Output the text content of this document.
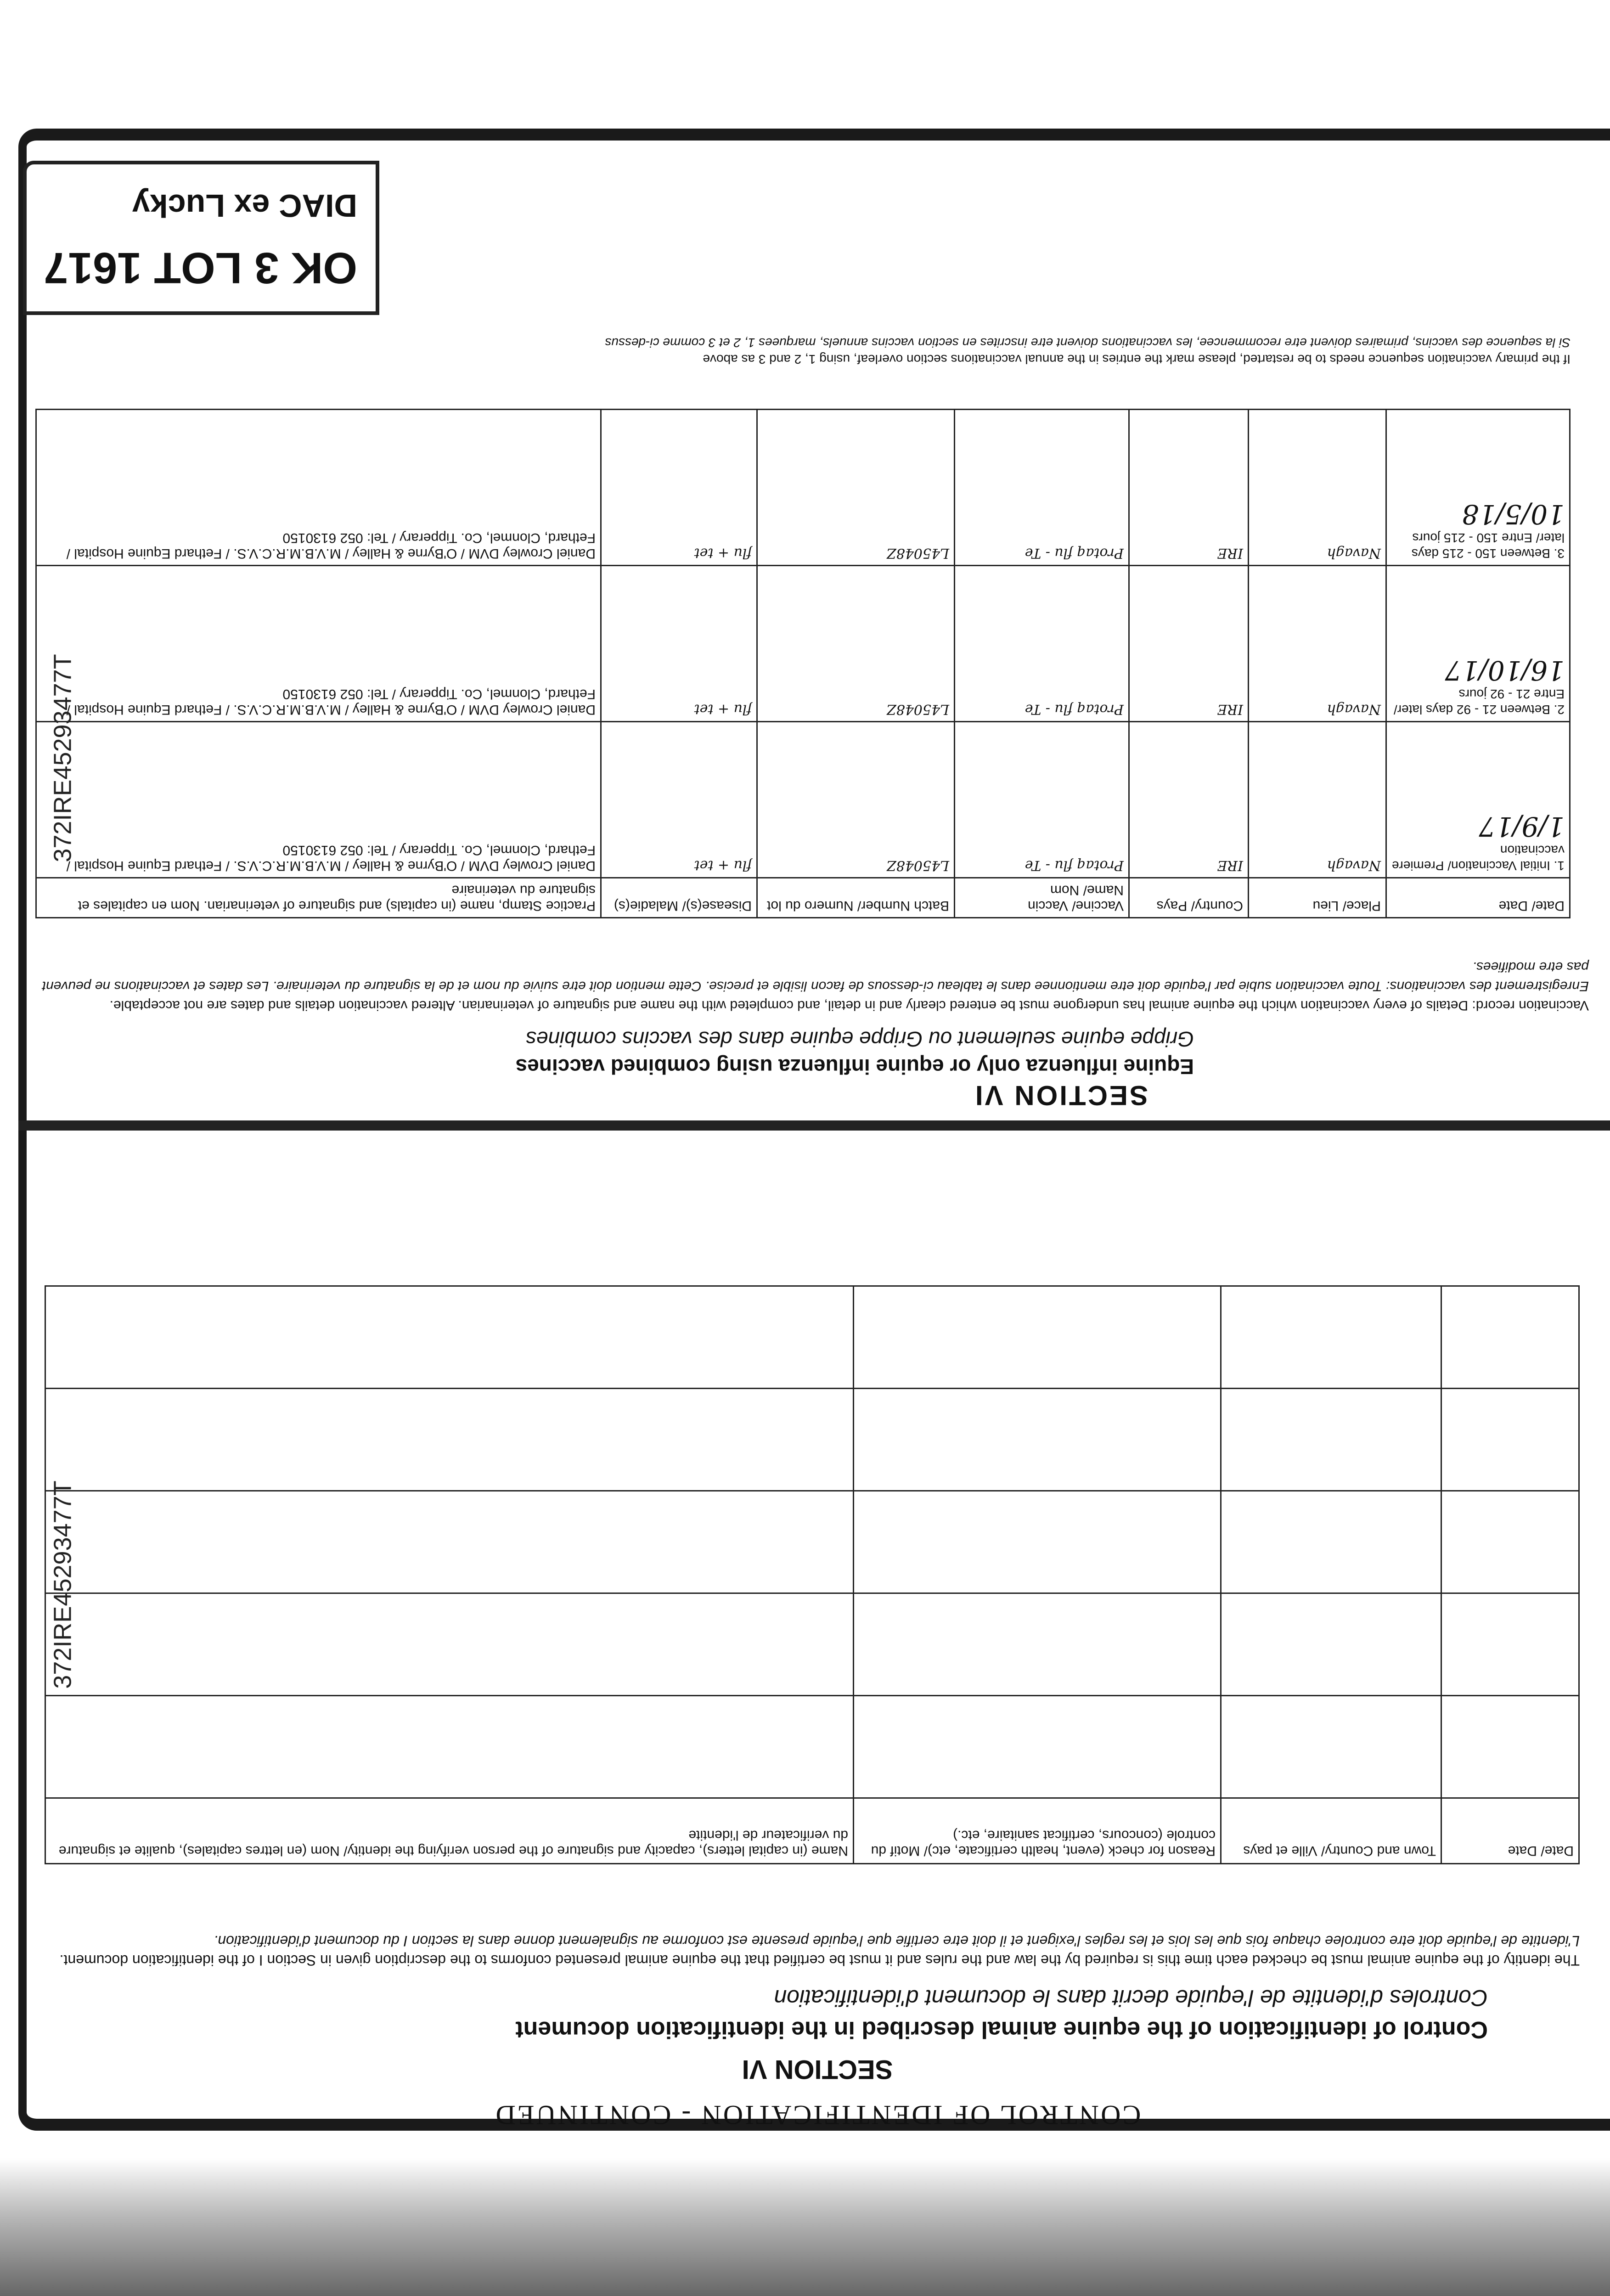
SECTION VI
Equine influenza only or equine influenza using combined vaccines
Grippe equine seulement ou Grippe equine dans des vaccins combines
Vaccination record: Details of every vaccination which the equine animal has undergone must be entered clearly and in detail, and completed with the name and signature of veterinarian. Altered vaccination details and dates are not acceptable.
Enregistrement des vaccinations: Toute vaccination subie par l'equide doit etre mentionnee dans le tableau ci-dessous de facon lisible et precise. Cette mention doit etre suivie du nom et de la signature du veterinaire. Les dates et vaccinations ne peuvent pas etre modifiees.
Date/ Date	Place/ Lieu	Country/ Pays	Vaccine/ Vaccin
Name/ Nom	Batch Number/ Numero du lot	Disease(s)/ Maladie(s)	Practice Stamp, name (in capitals) and signature of veterinarian. Nom en capitales et signature du veterinaire

1. Initial Vaccination/ Premiere vaccination
1/9/17	Navagh	IRE	Protaq flu - Te	L45048Z	flu + tet	Daniel Crowley DVM / O'Byrne & Halley / M.V.B.M.R.C.V.S. / Fethard Equine Hospital / Fethard, Clonmel, Co. Tipperary / Tel: 052 6130150

2. Between 21 - 92 days later/ Entre 21 - 92 jours
16/10/17	Navagh	IRE	Protaq flu - Te	L45048Z	flu + tet	Daniel Crowley DVM / O'Byrne & Halley / M.V.B.M.R.C.V.S. / Fethard Equine Hospital / Fethard, Clonmel, Co. Tipperary / Tel: 052 6130150

3. Between 150 - 215 days later/ Entre 150 - 215 jours
10/5/18	Navagh	IRE	Protaq flu - Te	L45048Z	flu + tet	Daniel Crowley DVM / O'Byrne & Halley / M.V.B.M.R.C.V.S. / Fethard Equine Hospital / Fethard, Clonmel, Co. Tipperary / Tel: 052 6130150
If the primary vaccination sequence needs to be restarted, please mark the entries in the annual vaccinations section overleaf, using 1, 2 and 3 as above
Si la sequence des vaccins, primaires doivent etre recommencee, les vaccinations doivent etre inscrites en section vaccins annuels, marquees 1, 2 et 3 comme ci-dessus
OK 3 LOT 1617
DIAC ex Lucky
372IRE45293477T
CONTROL OF IDENTIFICATION - CONTINUED
SECTION VI
Control of identification of the equine animal described in the identification document
Controles d'identite de l'equide decrit dans le document d'identification
The identity of the equine animal must be checked each time this is required by the law and the rules and it must be certified that the equine animal presented conforms to the description given in Section I of the identification document.
L'identite de l'equide doit etre controlee chaque fois que les lois et les regles l'exigent et il doit etre certifie que l'equide presente est conforme au signalement donne dans la section I du document d'identification.
Date/ Date	Town and Country/ Ville et pays	Reason for check (event, health certificate, etc)/ Motif du controle (concours, certificat sanitaire, etc.)	Name (in capital letters), capacity and signature of the person verifying the identity/ Nom (en lettres capitales), qualite et signature du verificateur de l'identite

372IRE45293477T
